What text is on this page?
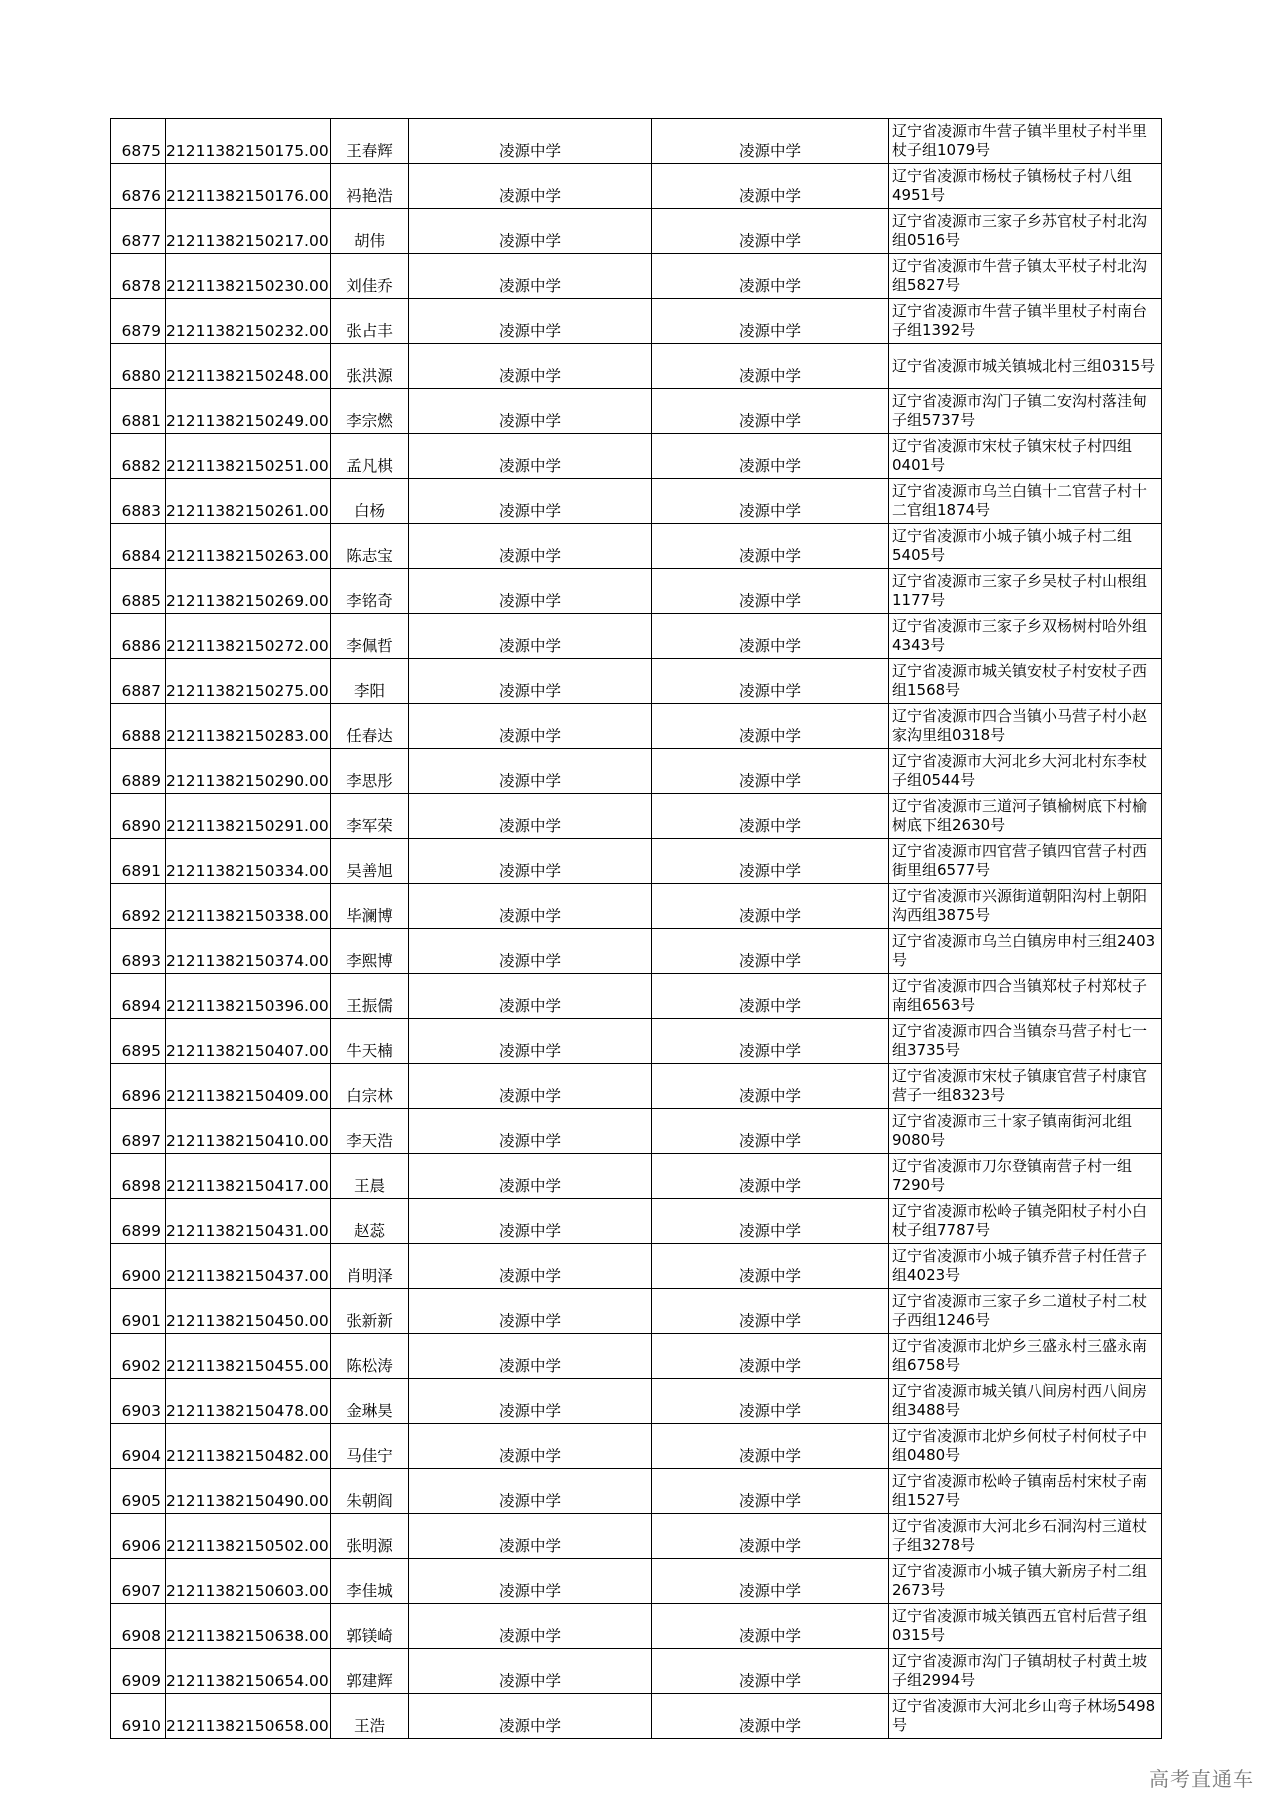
6875	21211382150175.00	王春辉	凌源中学	凌源中学	辽宁省凌源市牛营子镇半里杖子村半里杖子组1079号
6876	21211382150176.00	祃艳浩	凌源中学	凌源中学	辽宁省凌源市杨杖子镇杨杖子村八组4951号
6877	21211382150217.00	胡伟	凌源中学	凌源中学	辽宁省凌源市三家子乡苏官杖子村北沟组0516号
6878	21211382150230.00	刘佳乔	凌源中学	凌源中学	辽宁省凌源市牛营子镇太平杖子村北沟组5827号
6879	21211382150232.00	张占丰	凌源中学	凌源中学	辽宁省凌源市牛营子镇半里杖子村南台子组1392号
6880	21211382150248.00	张洪源	凌源中学	凌源中学	辽宁省凌源市城关镇城北村三组0315号
6881	21211382150249.00	李宗燃	凌源中学	凌源中学	辽宁省凌源市沟门子镇二安沟村落洼甸子组5737号
6882	21211382150251.00	孟凡棋	凌源中学	凌源中学	辽宁省凌源市宋杖子镇宋杖子村四组0401号
6883	21211382150261.00	白杨	凌源中学	凌源中学	辽宁省凌源市乌兰白镇十二官营子村十二官组1874号
6884	21211382150263.00	陈志宝	凌源中学	凌源中学	辽宁省凌源市小城子镇小城子村二组5405号
6885	21211382150269.00	李铭奇	凌源中学	凌源中学	辽宁省凌源市三家子乡吴杖子村山根组1177号
6886	21211382150272.00	李佩哲	凌源中学	凌源中学	辽宁省凌源市三家子乡双杨树村哈外组4343号
6887	21211382150275.00	李阳	凌源中学	凌源中学	辽宁省凌源市城关镇安杖子村安杖子西组1568号
6888	21211382150283.00	任春达	凌源中学	凌源中学	辽宁省凌源市四合当镇小马营子村小赵家沟里组0318号
6889	21211382150290.00	李思彤	凌源中学	凌源中学	辽宁省凌源市大河北乡大河北村东李杖子组0544号
6890	21211382150291.00	李军荣	凌源中学	凌源中学	辽宁省凌源市三道河子镇榆树底下村榆树底下组2630号
6891	21211382150334.00	吴善旭	凌源中学	凌源中学	辽宁省凌源市四官营子镇四官营子村西街里组6577号
6892	21211382150338.00	毕澜博	凌源中学	凌源中学	辽宁省凌源市兴源街道朝阳沟村上朝阳沟西组3875号
6893	21211382150374.00	李熙博	凌源中学	凌源中学	辽宁省凌源市乌兰白镇房申村三组2403号
6894	21211382150396.00	王振儒	凌源中学	凌源中学	辽宁省凌源市四合当镇郑杖子村郑杖子南组6563号
6895	21211382150407.00	牛天楠	凌源中学	凌源中学	辽宁省凌源市四合当镇奈马营子村七一组3735号
6896	21211382150409.00	白宗林	凌源中学	凌源中学	辽宁省凌源市宋杖子镇康官营子村康官营子一组8323号
6897	21211382150410.00	李天浩	凌源中学	凌源中学	辽宁省凌源市三十家子镇南街河北组9080号
6898	21211382150417.00	王晨	凌源中学	凌源中学	辽宁省凌源市刀尔登镇南营子村一组7290号
6899	21211382150431.00	赵蕊	凌源中学	凌源中学	辽宁省凌源市松岭子镇尧阳杖子村小白杖子组7787号
6900	21211382150437.00	肖明泽	凌源中学	凌源中学	辽宁省凌源市小城子镇乔营子村任营子组4023号
6901	21211382150450.00	张新新	凌源中学	凌源中学	辽宁省凌源市三家子乡二道杖子村二杖子西组1246号
6902	21211382150455.00	陈松涛	凌源中学	凌源中学	辽宁省凌源市北炉乡三盛永村三盛永南组6758号
6903	21211382150478.00	金琳昊	凌源中学	凌源中学	辽宁省凌源市城关镇八间房村西八间房组3488号
6904	21211382150482.00	马佳宁	凌源中学	凌源中学	辽宁省凌源市北炉乡何杖子村何杖子中组0480号
6905	21211382150490.00	朱朝阎	凌源中学	凌源中学	辽宁省凌源市松岭子镇南岳村宋杖子南组1527号
6906	21211382150502.00	张明源	凌源中学	凌源中学	辽宁省凌源市大河北乡石洞沟村三道杖子组3278号
6907	21211382150603.00	李佳城	凌源中学	凌源中学	辽宁省凌源市小城子镇大新房子村二组2673号
6908	21211382150638.00	郭镁崎	凌源中学	凌源中学	辽宁省凌源市城关镇西五官村后营子组0315号
6909	21211382150654.00	郭建辉	凌源中学	凌源中学	辽宁省凌源市沟门子镇胡杖子村黄土坡子组2994号
6910	21211382150658.00	王浩	凌源中学	凌源中学	辽宁省凌源市大河北乡山弯子林场5498号
高考直通车
